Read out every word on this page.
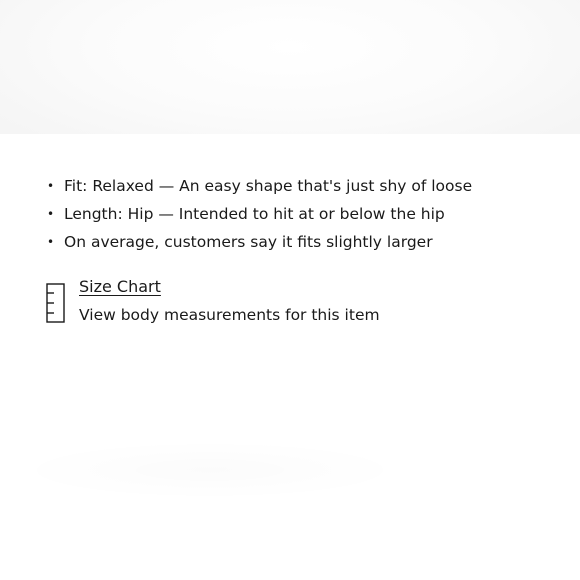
• Fit: Relaxed — An easy shape that's just shy of loose
• Length: Hip — Intended to hit at or below the hip
• On average, customers say it fits slightly larger
Size Chart
View body measurements for this item
